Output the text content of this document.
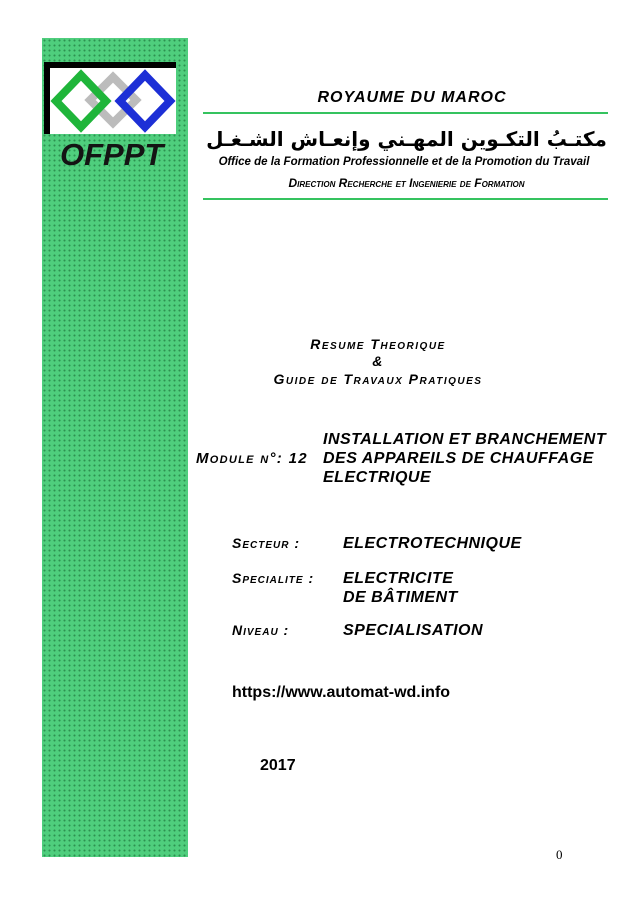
OFPPT
ROYAUME DU MAROC
مكتـبُ التكـوين المهـني وإنعـاش الشـغـل
Office de la Formation Professionnelle et de la Promotion du Travail
Direction Recherche et Ingenierie de Formation
Resume Theorique
&
Guide de Travaux Pratiques
Module n°: 12
INSTALLATION ET BRANCHEMENT
DES APPAREILS DE CHAUFFAGE
ELECTRIQUE
Secteur :	ELECTROTECHNIQUE
Specialite : ELECTRICITE
DE BÂTIMENT
Niveau :	SPECIALISATION
https://www.automat-wd.info
2017
0
